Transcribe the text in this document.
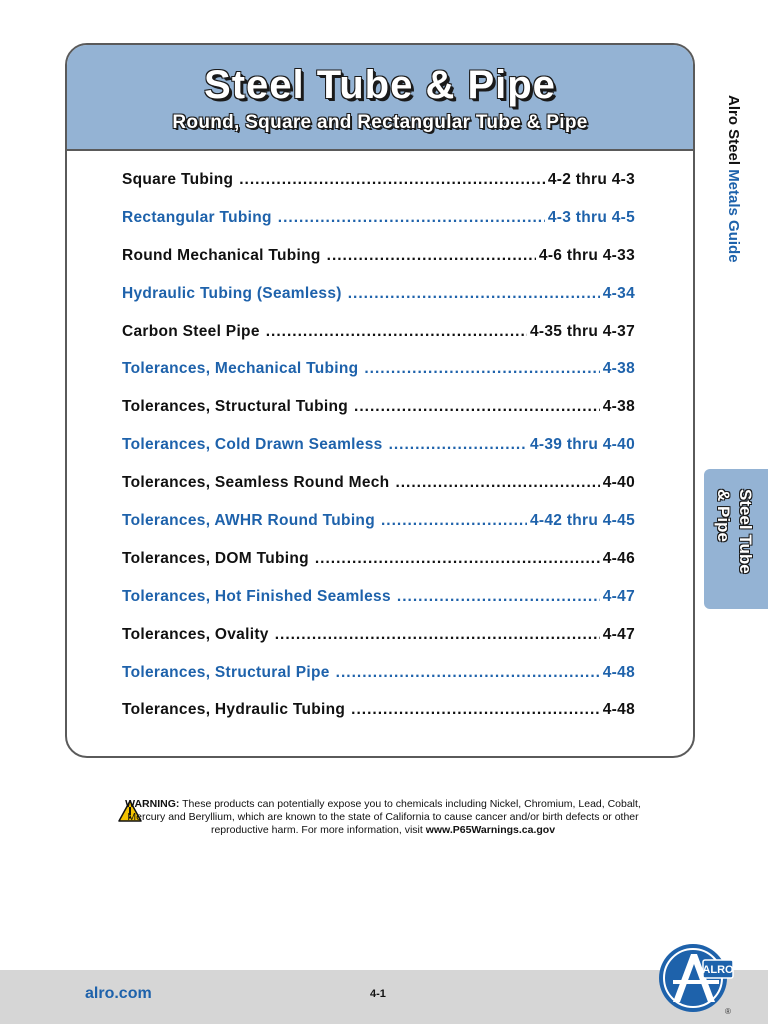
Steel Tube & Pipe
Round, Square and Rectangular Tube & Pipe
Square Tubing .....	4-2 thru 4-3
Rectangular Tubing .....	4-3 thru 4-5
Round Mechanical Tubing .....	4-6 thru 4-33
Hydraulic Tubing (Seamless) .....	4-34
Carbon Steel Pipe .....	4-35 thru 4-37
Tolerances, Mechanical Tubing .....	4-38
Tolerances, Structural Tubing .....	4-38
Tolerances, Cold Drawn Seamless .....	4-39 thru 4-40
Tolerances, Seamless Round Mech .....	4-40
Tolerances, AWHR Round Tubing .....	4-42 thru 4-45
Tolerances, DOM Tubing .....	4-46
Tolerances, Hot Finished Seamless .....	4-47
Tolerances, Ovality .....	4-47
Tolerances, Structural Pipe .....	4-48
Tolerances, Hydraulic Tubing .....	4-48
Alro Steel Metals Guide
Steel Tube
& Pipe
WARNING: These products can potentially expose you to chemicals including Nickel, Chromium, Lead, Cobalt, Mercury and Beryllium, which are known to the state of California to cause cancer and/or birth defects or other reproductive harm. For more information, visit www.P65Warnings.ca.gov
alro.com	4-1
ALRO
®
